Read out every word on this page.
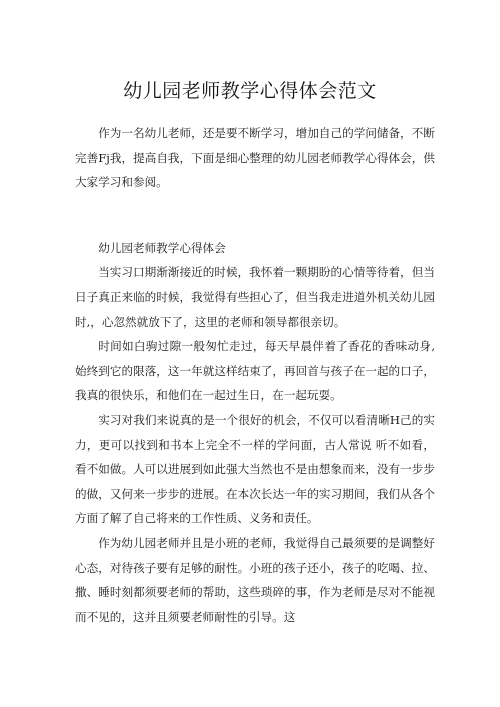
幼儿园老师教学心得体会范文

作为一名幼儿老师，还是要不断学习，增加自己的学问储备，不断完善Fj我，提高自我，下面是细心整理的幼儿园老师教学心得体会，供大家学习和参阅。

幼儿园老师教学心得体会

当实习口期渐渐接近的时候，我怀着一颗期盼的心情等待着，但当日子真正来临的时候，我觉得有些担心了，但当我走进道外机关幼儿园时,，心忽然就放下了，这里的老师和领导都很亲切。

时间如白驹过隙一般匆忙走过，每天早晨伴着了香花的香味动身,始终到它的限落，这一年就这样结束了，再回首与孩子在一起的口子，我真的很快乐，和他们在一起过生日，在一起玩耍。

实习对我们来说真的是一个很好的机会，不仅可以看清晰H己的实力，更可以找到和书本上完全不一样的学问面，古人常说 听不如看，看不如做。人可以进展到如此强大当然也不是由想象而来，没有一步步的做，又何来一步步的进展。在本次长达一年的实习期间，我们从各个方面了解了自己将来的工作性质、义务和责任。

作为幼儿园老师并且是小班的老师，我觉得自己最须要的是调整好心态，对待孩子要有足够的耐性。小班的孩子还小，孩子的吃喝、拉、撒、睡时刻都须要老师的帮助，这些琐碎的事，作为老师是尽对不能视而不见的，这并且须要老师耐性的引导。这
